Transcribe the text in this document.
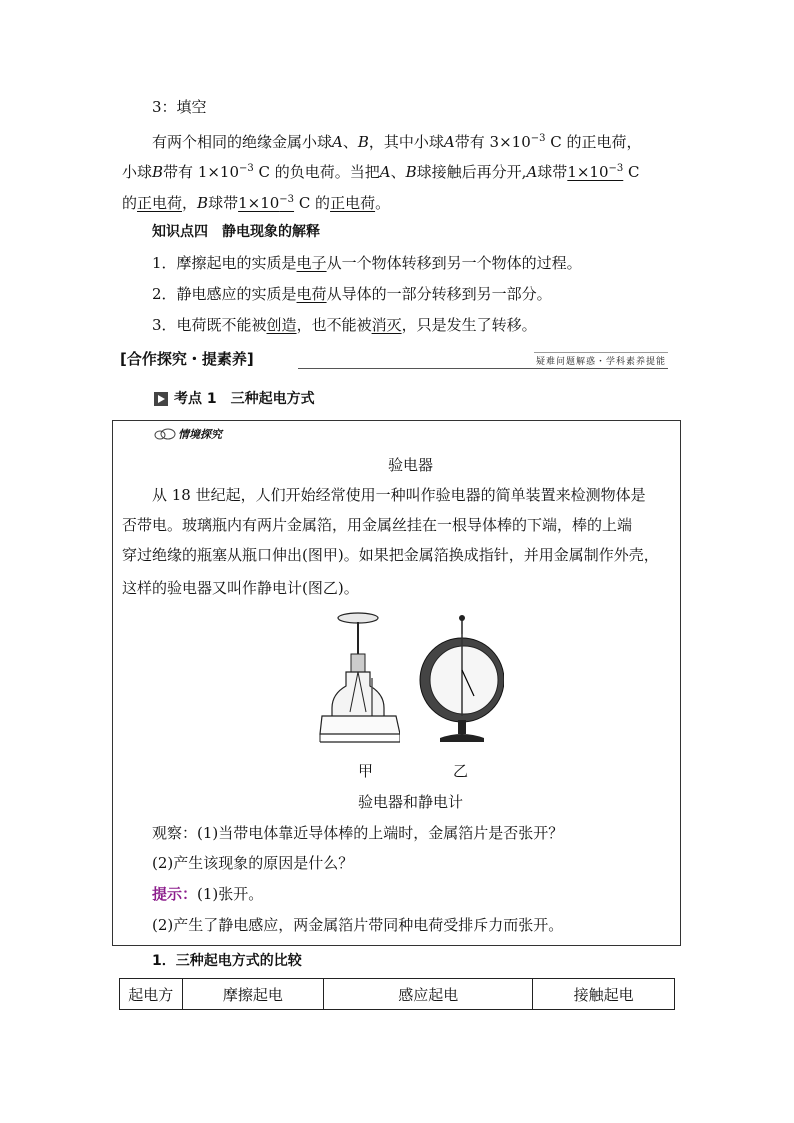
3：填空
有两个相同的绝缘金属小球A、B，其中小球A带有 $3\times 10^{-3}$ C 的正电荷，
小球B带有 $1\times 10^{-3}$ C 的负电荷。当把A、B球接触后再分开,A球带$1\times 10^{-3}$ C
的正电荷，B球带$1\times 10^{-3}$ C 的正电荷。
知识点四　静电现象的解释
1．摩擦起电的实质是电子从一个物体转移到另一个物体的过程。
2．静电感应的实质是电荷从导体的一部分转移到另一部分。
3．电荷既不能被创造，也不能被消灭，只是发生了转移。
[合作探究・提素养]	疑难问题解惑・学科素养提能
考点 1　三种起电方式
情境探究
验电器
从 18 世纪起，人们开始经常使用一种叫作验电器的简单装置来检测物体是
否带电。玻璃瓶内有两片金属箔，用金属丝挂在一根导体棒的下端，棒的上端
穿过绝缘的瓶塞从瓶口伸出(图甲)。如果把金属箔换成指针，并用金属制作外壳，
这样的验电器又叫作静电计(图乙)。
甲	乙
验电器和静电计
观察：(1)当带电体靠近导体棒的上端时，金属箔片是否张开？
(2)产生该现象的原因是什么？
提示：(1)张开。
(2)产生了静电感应，两金属箔片带同种电荷受排斥力而张开。
1．三种起电方式的比较
起电方	摩擦起电	感应起电	接触起电
